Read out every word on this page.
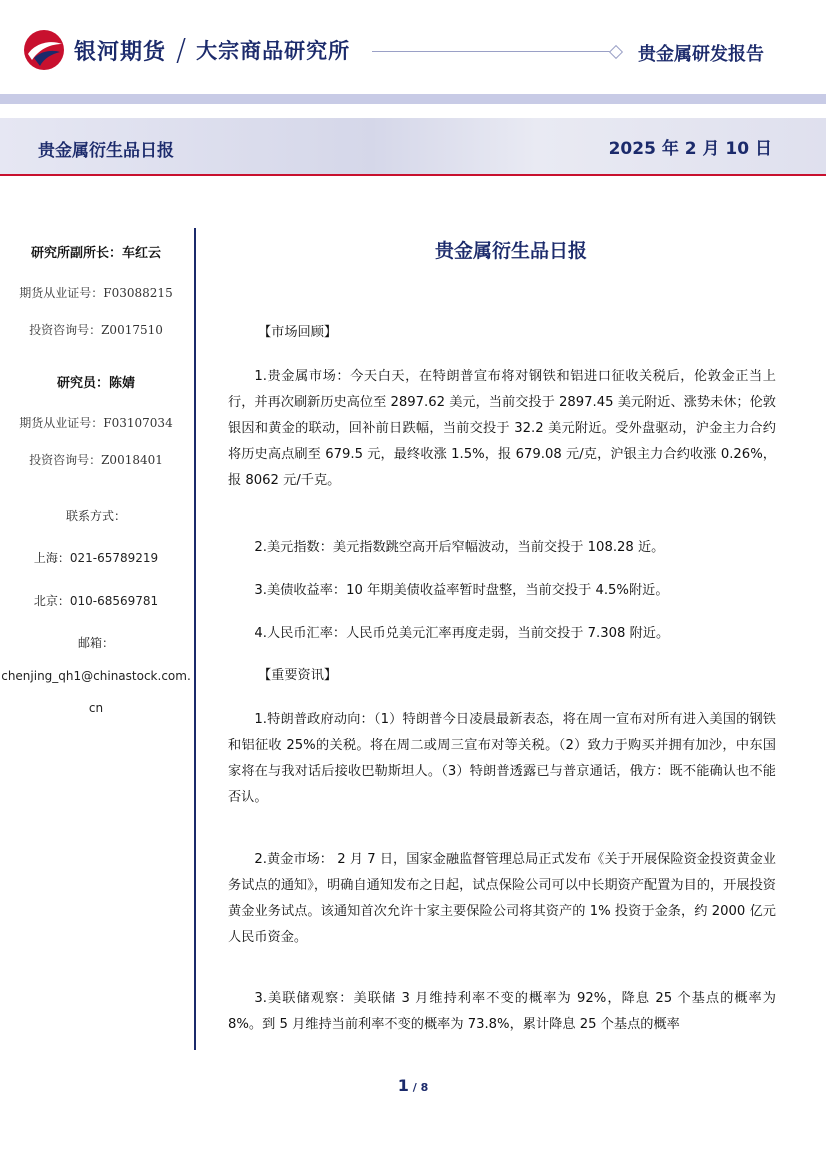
银河期货 / 大宗商品研究所	贵金属研发报告
贵金属衍生品日报	2025 年 2 月 10 日
研究所副所长：车红云
期货从业证号：F03088215
投资咨询号：Z0017510
研究员：陈婧
期货从业证号：F03107034
投资咨询号：Z0018401
联系方式：
上海：021-65789219
北京：010-68569781
邮箱：
chenjing_qh1@chinastock.com.
cn
贵金属衍生品日报

【市场回顾】

1.贵金属市场：今天白天，在特朗普宣布将对钢铁和铝进口征收关税后，伦敦金正当上行，并再次刷新历史高位至 2897.62 美元，当前交投于 2897.45 美元附近、涨势未休；伦敦银因和黄金的联动，回补前日跌幅，当前交投于 32.2 美元附近。受外盘驱动，沪金主力合约将历史高点刷至 679.5 元，最终收涨 1.5%，报 679.08 元/克，沪银主力合约收涨 0.26%，报 8062 元/千克。

2.美元指数：美元指数跳空高开后窄幅波动，当前交投于 108.28 近。

3.美债收益率：10 年期美债收益率暂时盘整，当前交投于 4.5%附近。

4.人民币汇率：人民币兑美元汇率再度走弱，当前交投于 7.308 附近。

【重要资讯】

1.特朗普政府动向：（1）特朗普今日凌晨最新表态，将在周一宣布对所有进入美国的钢铁和铝征收 25%的关税。将在周二或周三宣布对等关税。（2）致力于购买并拥有加沙，中东国家将在与我对话后接收巴勒斯坦人。（3）特朗普透露已与普京通话，俄方：既不能确认也不能否认。

2.黄金市场： 2 月 7 日，国家金融监督管理总局正式发布《关于开展保险资金投资黄金业务试点的通知》，明确自通知发布之日起，试点保险公司可以中长期资产配置为目的，开展投资黄金业务试点。该通知首次允许十家主要保险公司将其资产的 1% 投资于金条，约 2000 亿元人民币资金。

3.美联储观察：美联储 3 月维持利率不变的概率为 92%，降息 25 个基点的概率为 8%。到 5 月维持当前利率不变的概率为 73.8%，累计降息 25 个基点的概率

1 / 8
